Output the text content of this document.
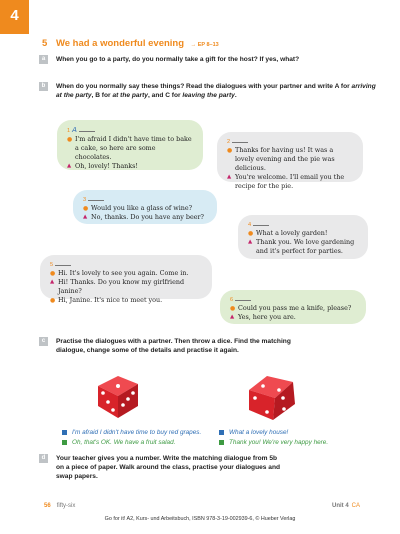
4
5 We had a wonderful evening → EP 8–13
a	When you go to a party, do you normally take a gift for the host? If yes, what?
b	When do you normally say these things? Read the dialogues with your partner and write A for arriving at the party, B for at the party, and C for leaving the party.
1 A
● I'm afraid I didn't have time to bake a cake, so here are some chocolates.
▲ Oh, lovely! Thanks!
2
● Thanks for having us! It was a lovely evening and the pie was delicious.
▲ You're welcome. I'll email you the recipe for the pie.
3
● Would you like a glass of wine?
▲ No, thanks. Do you have any beer?
4
● What a lovely garden!
▲ Thank you. We love gardening and it's perfect for parties.
5
● Hi. It's lovely to see you again. Come in.
▲ Hi! Thanks. Do you know my girlfriend Janine?
● Hi, Janine. It's nice to meet you.	6
● Could you pass me a knife, please?
▲ Yes, here you are.
c	Practise the dialogues with a partner. Then throw a dice. Find the matching dialogue, change some of the details and practise it again.
I'm afraid I didn't have time to buy red grapes.
Oh, that's OK. We have a fruit salad.
What a lovely house!
Thank you! We're very happy here.
d	Your teacher gives you a number. Write the matching dialogue from 5b on a piece of paper. Walk around the class, practise your dialogues and swap papers.
56 fifty-six	Unit 4 CA
Go for it! A2, Kurs- und Arbeitsbuch, ISBN 978-3-19-002939-6, © Hueber Verlag
